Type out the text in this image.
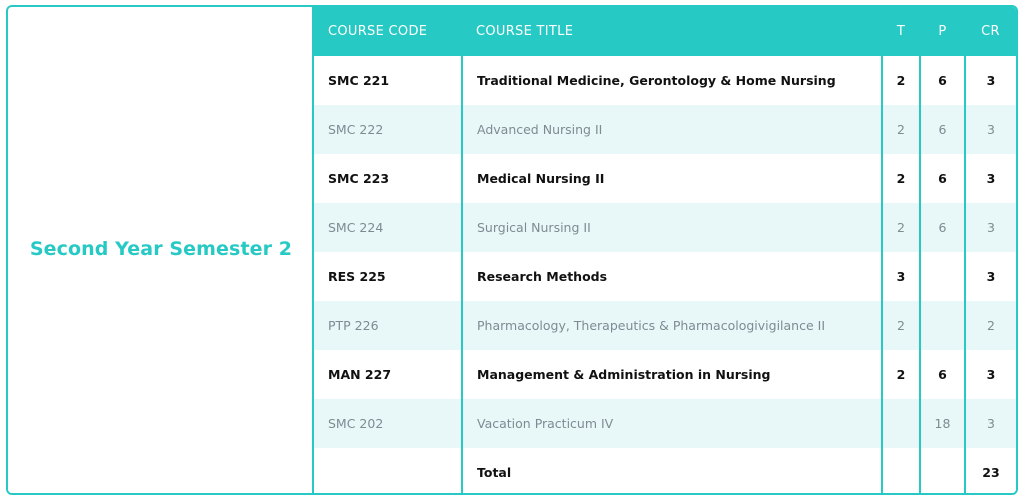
Second Year Semester 2
COURSE CODE	COURSE TITLE	T	P	CR
SMC 221	Traditional Medicine, Gerontology & Home Nursing	2	6	3
SMC 222	Advanced Nursing II	2	6	3
SMC 223	Medical Nursing II	2	6	3
SMC 224	Surgical Nursing II	2	6	3
RES 225	Research Methods	3		3
PTP 226	Pharmacology, Therapeutics & Pharmacologivigilance II	2		2
MAN 227	Management & Administration in Nursing	2	6	3
SMC 202	Vacation Practicum IV		18	3
	Total			23
